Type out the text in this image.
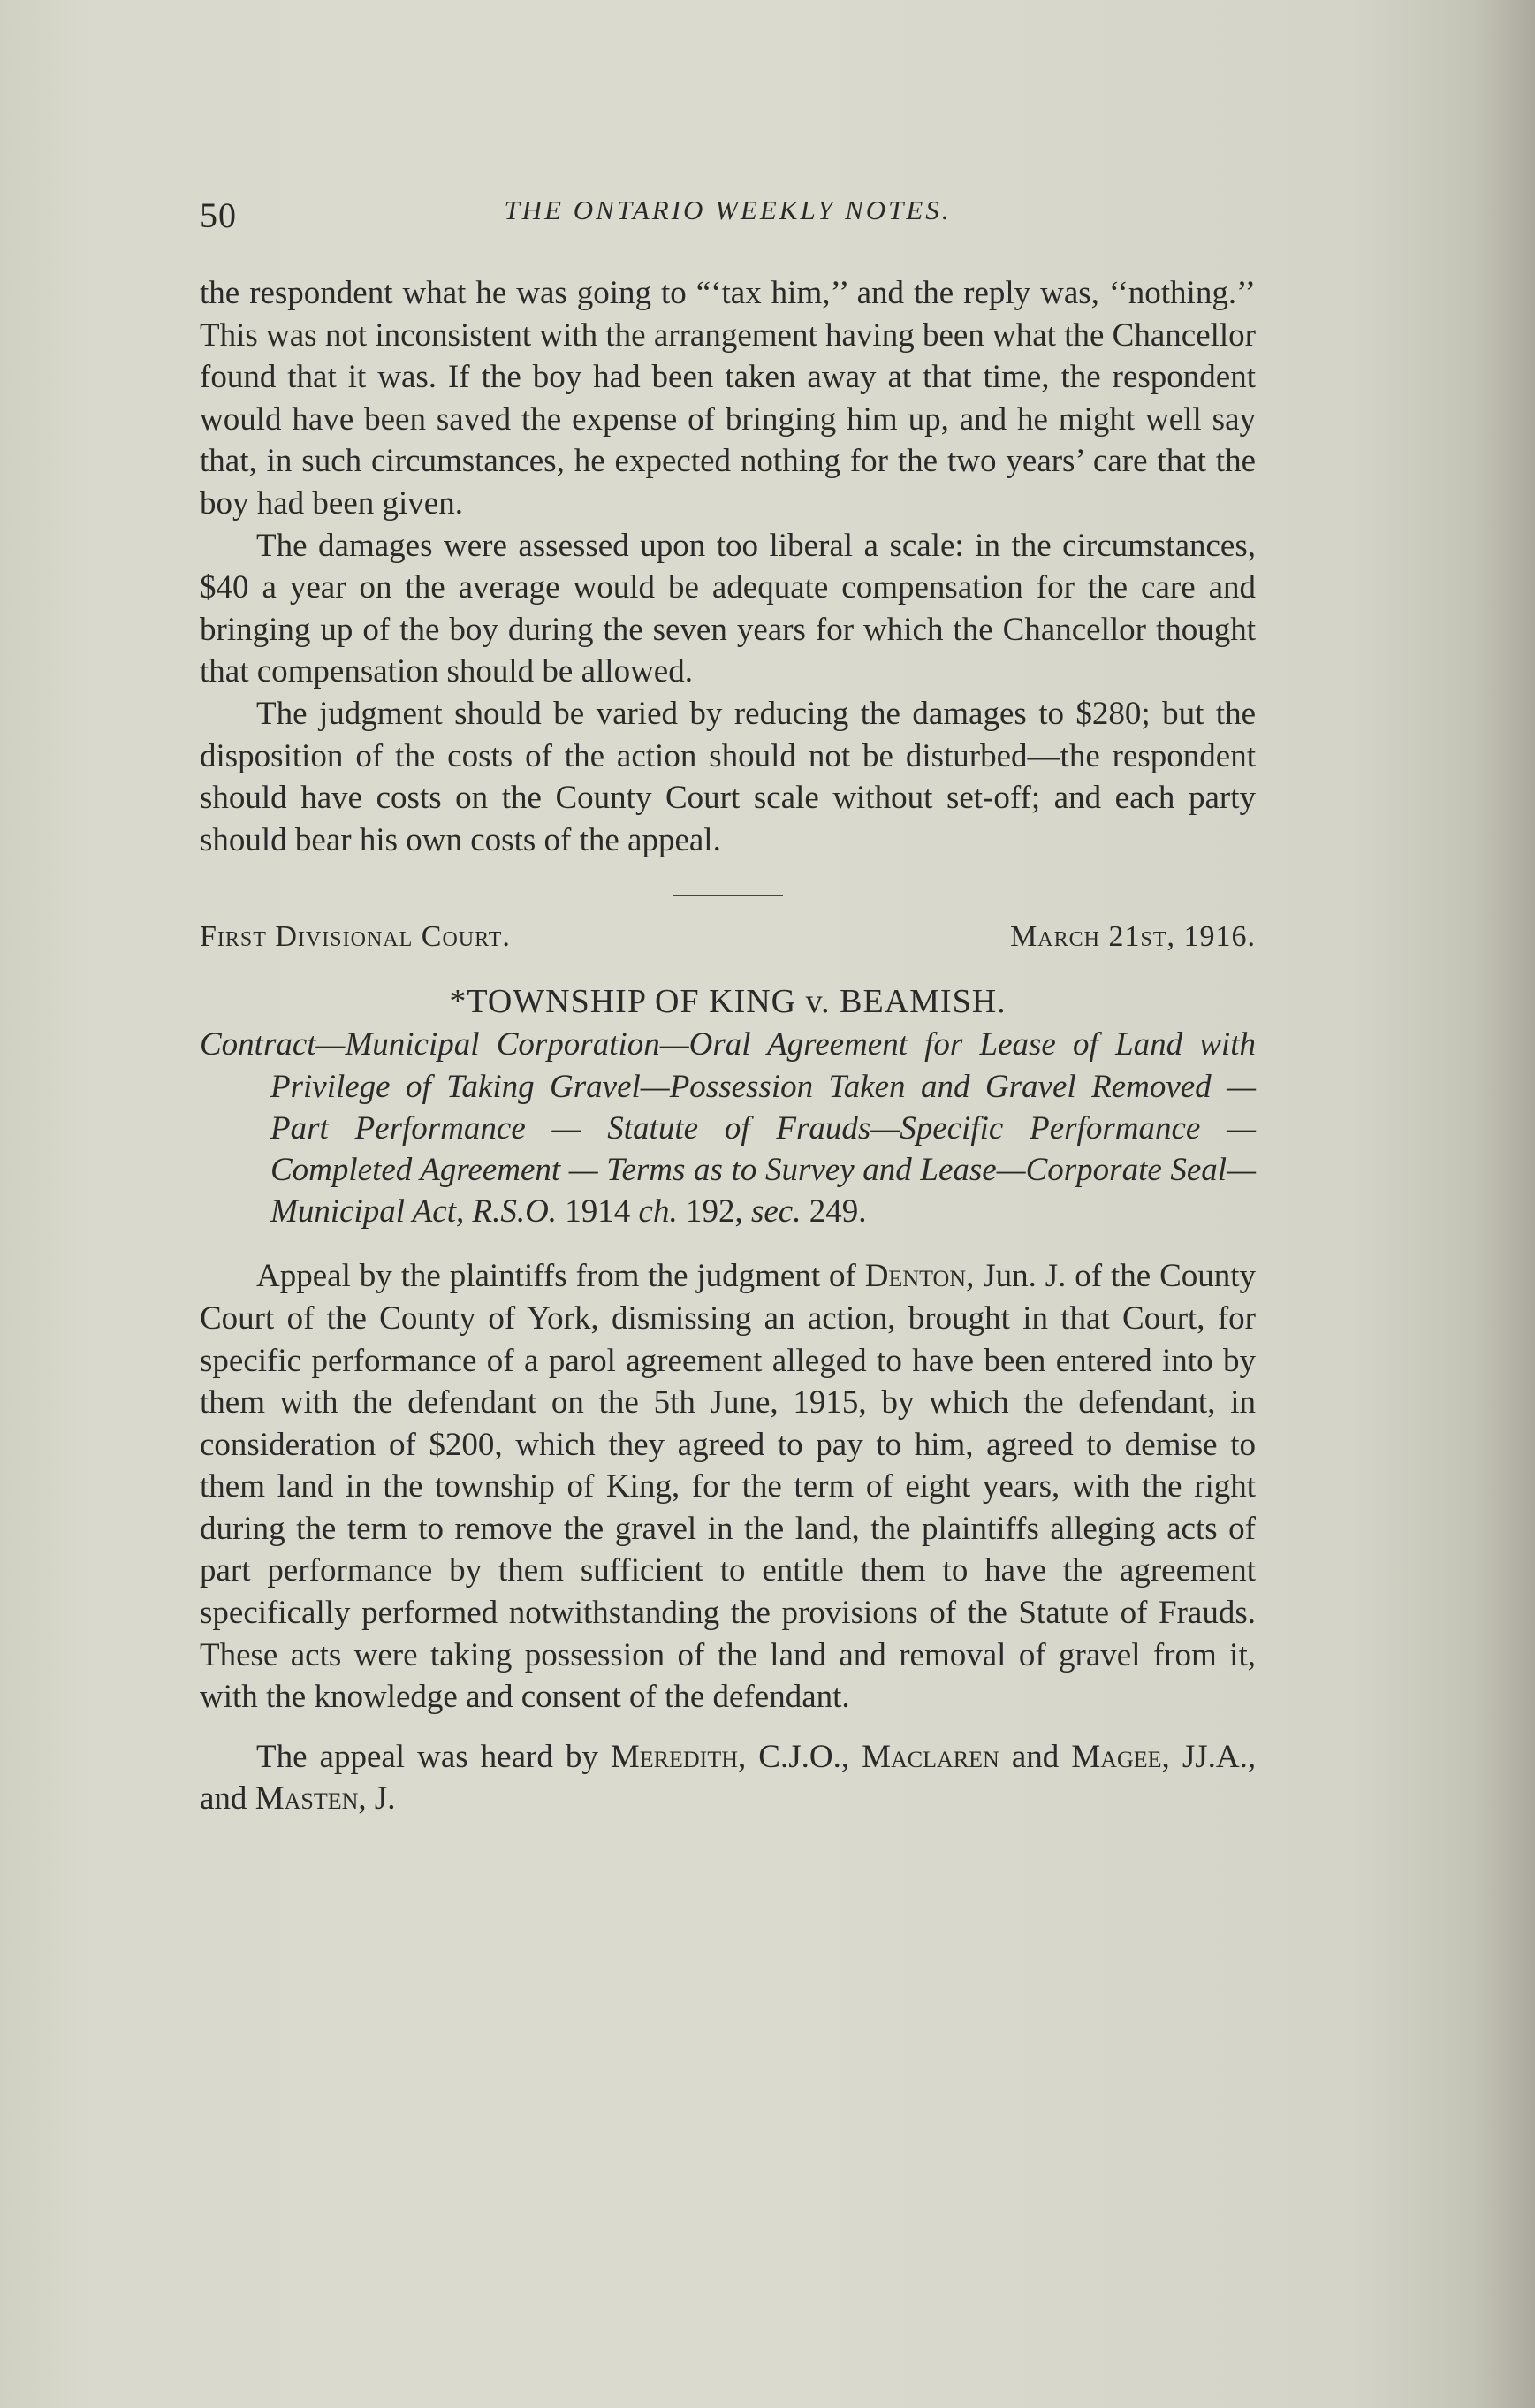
50	THE ONTARIO WEEKLY NOTES.

the respondent what he was going to “‘tax him,’’ and the reply was, ‘‘nothing.’’ This was not inconsistent with the arrangement having been what the Chancellor found that it was. If the boy had been taken away at that time, the respondent would have been saved the expense of bringing him up, and he might well say that, in such circumstances, he expected nothing for the two years’ care that the boy had been given.

The damages were assessed upon too liberal a scale: in the circumstances, $40 a year on the average would be adequate compensation for the care and bringing up of the boy during the seven years for which the Chancellor thought that compensation should be allowed.

The judgment should be varied by reducing the damages to $280; but the disposition of the costs of the action should not be disturbed—the respondent should have costs on the County Court scale without set-off; and each party should bear his own costs of the appeal.

First Divisional Court.	March 21st, 1916.
*TOWNSHIP OF KING v. BEAMISH.

Contract—Municipal Corporation—Oral Agreement for Lease of Land with Privilege of Taking Gravel—Possession Taken and Gravel Removed — Part Performance — Statute of Frauds—Specific Performance — Completed Agreement — Terms as to Survey and Lease—Corporate Seal—Municipal Act, R.S.O. 1914 ch. 192, sec. 249.

Appeal by the plaintiffs from the judgment of Denton, Jun. J. of the County Court of the County of York, dismissing an action, brought in that Court, for specific performance of a parol agreement alleged to have been entered into by them with the defendant on the 5th June, 1915, by which the defendant, in consideration of $200, which they agreed to pay to him, agreed to demise to them land in the township of King, for the term of eight years, with the right during the term to remove the gravel in the land, the plaintiffs alleging acts of part performance by them sufficient to entitle them to have the agreement specifically performed notwithstanding the provisions of the Statute of Frauds. These acts were taking possession of the land and removal of gravel from it, with the knowledge and consent of the defendant.

The appeal was heard by Meredith, C.J.O., Maclaren and Magee, JJ.A., and Masten, J.
